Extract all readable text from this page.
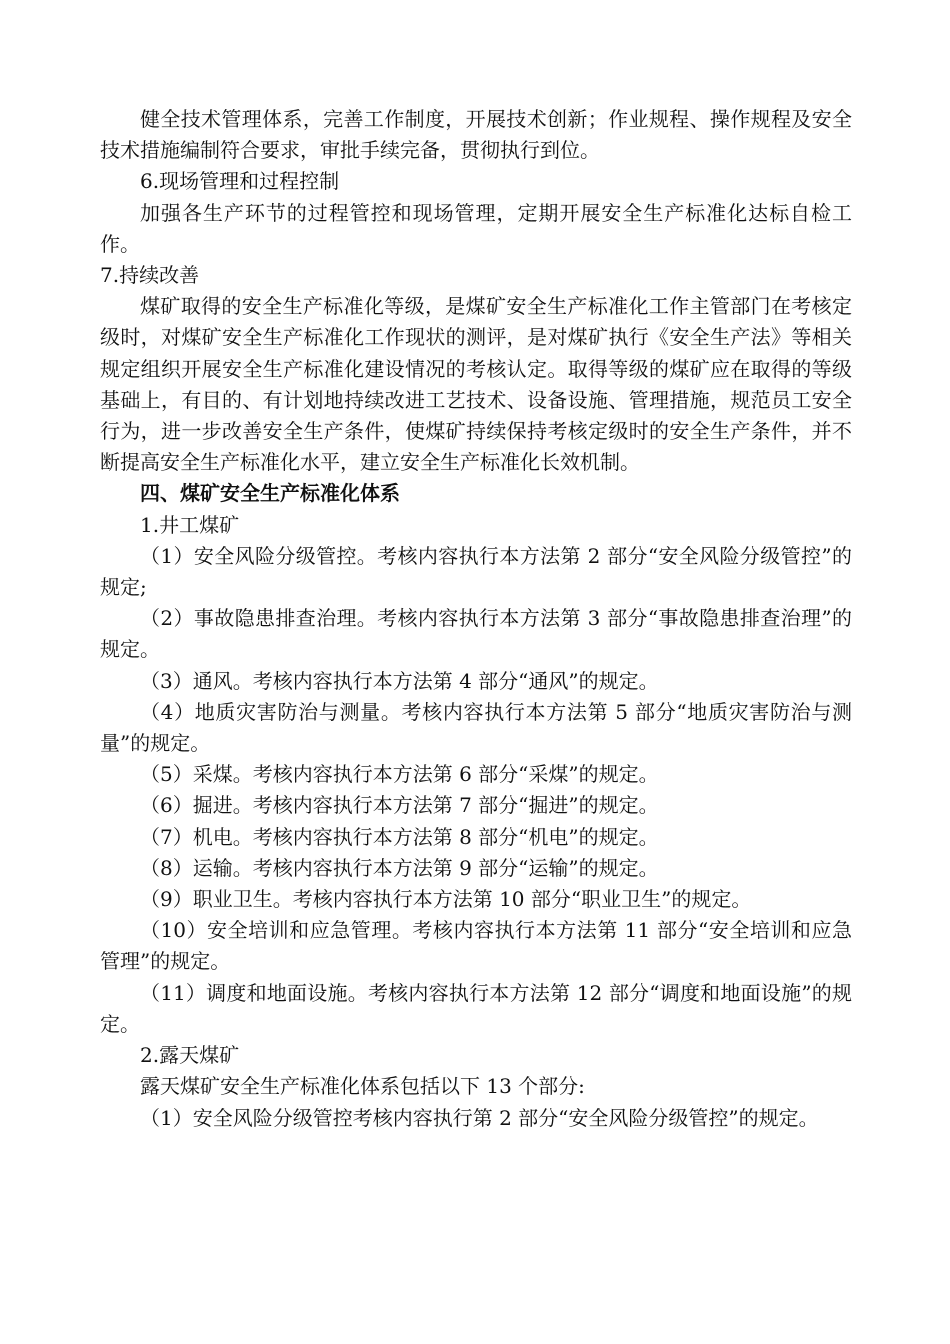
健全技术管理体系，完善工作制度，开展技术创新；作业规程、操作规程及安全技术措施编制符合要求，审批手续完备，贯彻执行到位。

6.现场管理和过程控制

加强各生产环节的过程管控和现场管理，定期开展安全生产标准化达标自检工作。

7.持续改善

煤矿取得的安全生产标准化等级，是煤矿安全生产标准化工作主管部门在考核定级时，对煤矿安全生产标准化工作现状的测评，是对煤矿执行《安全生产法》等相关规定组织开展安全生产标准化建设情况的考核认定。取得等级的煤矿应在取得的等级基础上，有目的、有计划地持续改进工艺技术、设备设施、管理措施，规范员工安全行为，进一步改善安全生产条件，使煤矿持续保持考核定级时的安全生产条件，并不断提高安全生产标准化水平，建立安全生产标准化长效机制。

四、煤矿安全生产标准化体系

1.井工煤矿

（1）安全风险分级管控。考核内容执行本方法第 2 部分“安全风险分级管控”的规定;

（2）事故隐患排查治理。考核内容执行本方法第 3 部分“事故隐患排查治理”的规定。

（3）通风。考核内容执行本方法第 4 部分“通风”的规定。

（4）地质灾害防治与测量。考核内容执行本方法第 5 部分“地质灾害防治与测量”的规定。

（5）采煤。考核内容执行本方法第 6 部分“采煤”的规定。

（6）掘进。考核内容执行本方法第 7 部分“掘进”的规定。

（7）机电。考核内容执行本方法第 8 部分“机电”的规定。

（8）运输。考核内容执行本方法第 9 部分“运输”的规定。

（9）职业卫生。考核内容执行本方法第 10 部分“职业卫生”的规定。

（10）安全培训和应急管理。考核内容执行本方法第 11 部分“安全培训和应急管理”的规定。

（11）调度和地面设施。考核内容执行本方法第 12 部分“调度和地面设施”的规定。

2.露天煤矿

露天煤矿安全生产标准化体系包括以下 13 个部分:

（1）安全风险分级管控考核内容执行第 2 部分“安全风险分级管控”的规定。
